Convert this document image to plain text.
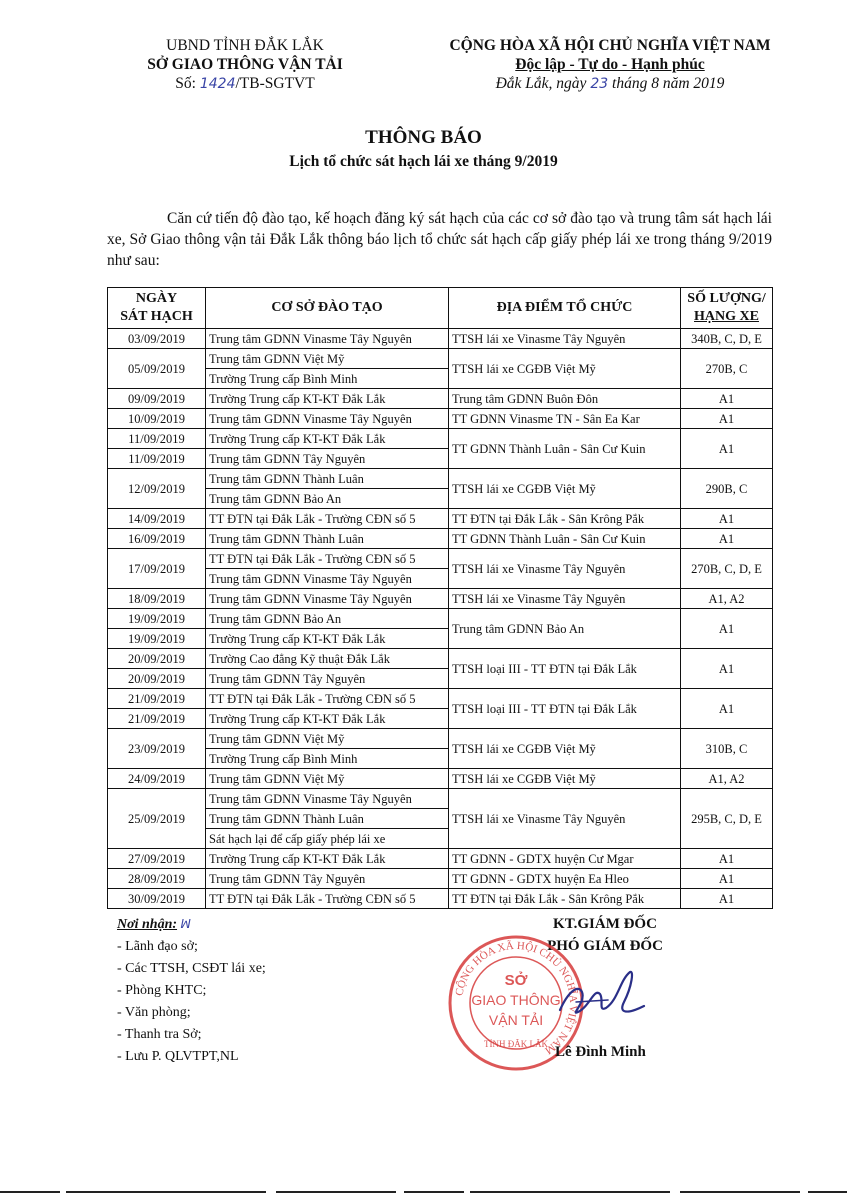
UBND TỈNH ĐẮK LẮK
SỞ GIAO THÔNG VẬN TẢI
Số: 1424/TB-SGTVT
CỘNG HÒA XÃ HỘI CHỦ NGHĨA VIỆT NAM
Độc lập - Tự do - Hạnh phúc
Đắk Lắk, ngày 23 tháng 8 năm 2019
THÔNG BÁO
Lịch tổ chức sát hạch lái xe tháng 9/2019
Căn cứ tiến độ đào tạo, kế hoạch đăng ký sát hạch của các cơ sở đào tạo và trung tâm sát hạch lái xe, Sở Giao thông vận tải Đắk Lắk thông báo lịch tổ chức sát hạch cấp giấy phép lái xe trong tháng 9/2019 như sau:
NGÀY
SÁT HẠCH	CƠ SỞ ĐÀO TẠO	ĐỊA ĐIỂM TỔ CHỨC	SỐ LƯỢNG/
HẠNG XE
03/09/2019	Trung tâm GDNN Vinasme Tây Nguyên	TTSH lái xe Vinasme Tây Nguyên	340B, C, D, E
05/09/2019	Trung tâm GDNN Việt Mỹ	TTSH lái xe CGĐB Việt Mỹ	270B, C
	Trường Trung cấp Bình Minh		
09/09/2019	Trường Trung cấp KT-KT Đắk Lắk	Trung tâm GDNN Buôn Đôn	A1
10/09/2019	Trung tâm GDNN Vinasme Tây Nguyên	TT GDNN Vinasme TN - Sân Ea Kar	A1
11/09/2019	Trường Trung cấp KT-KT Đắk Lắk	TT GDNN Thành Luân - Sân Cư Kuin	A1
11/09/2019	Trung tâm GDNN Tây Nguyên		
12/09/2019	Trung tâm GDNN Thành Luân	TTSH lái xe CGĐB Việt Mỹ	290B, C
	Trung tâm GDNN Bảo An		
14/09/2019	TT ĐTN tại Đắk Lắk - Trường CĐN số 5	TT ĐTN tại Đắk Lắk - Sân Krông Pắk	A1
16/09/2019	Trung tâm GDNN Thành Luân	TT GDNN Thành Luân - Sân Cư Kuin	A1
17/09/2019	TT ĐTN tại Đắk Lắk - Trường CĐN số 5	TTSH lái xe Vinasme Tây Nguyên	270B, C, D, E
	Trung tâm GDNN Vinasme Tây Nguyên		
18/09/2019	Trung tâm GDNN Vinasme Tây Nguyên	TTSH lái xe Vinasme Tây Nguyên	A1, A2
19/09/2019	Trung tâm GDNN Bảo An	Trung tâm GDNN Bảo An	A1
19/09/2019	Trường Trung cấp KT-KT Đắk Lắk		
20/09/2019	Trường Cao đẳng Kỹ thuật Đắk Lắk	TTSH loại III - TT ĐTN tại Đắk Lắk	A1
20/09/2019	Trung tâm GDNN Tây Nguyên		
21/09/2019	TT ĐTN tại Đắk Lắk - Trường CĐN số 5	TTSH loại III - TT ĐTN tại Đắk Lắk	A1
21/09/2019	Trường Trung cấp KT-KT Đắk Lắk		
23/09/2019	Trung tâm GDNN Việt Mỹ	TTSH lái xe CGĐB Việt Mỹ	310B, C
	Trường Trung cấp Bình Minh		
24/09/2019	Trung tâm GDNN Việt Mỹ	TTSH lái xe CGĐB Việt Mỹ	A1, A2
25/09/2019	Trung tâm GDNN Vinasme Tây Nguyên	TTSH lái xe Vinasme Tây Nguyên	295B, C, D, E
	Trung tâm GDNN Thành Luân		
	Sát hạch lại để cấp giấy phép lái xe		
27/09/2019	Trường Trung cấp KT-KT Đắk Lắk	TT GDNN - GDTX huyện Cư Mgar	A1
28/09/2019	Trung tâm GDNN Tây Nguyên	TT GDNN - GDTX huyện Ea Hleo	A1
30/09/2019	TT ĐTN tại Đắk Lắk - Trường CĐN số 5	TT ĐTN tại Đắk Lắk - Sân Krông Pắk	A1
Nơi nhận: ꟽ
- Lãnh đạo sở;
- Các TTSH, CSĐT lái xe;
- Phòng KHTC;
- Văn phòng;
- Thanh tra Sở;
- Lưu P. QLVTPT,NL
KT.GIÁM ĐỐC
PHÓ GIÁM ĐỐC
CỘNG HÒA XÃ HỘI CHỦ NGHĨA VIỆT NAM
SỞ
GIAO THÔNG
VẬN TẢI
TỈNH ĐẮK LẮK Lê Đình Minh
